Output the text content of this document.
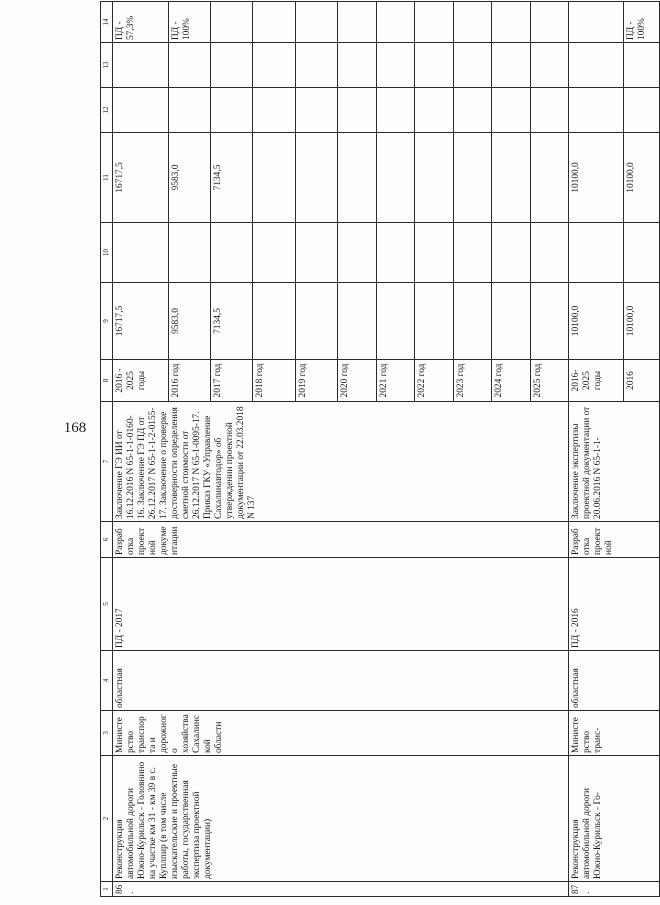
168
1	2	3	4	5	6	7	8	9	10	11	12	13	14
86.	Реконструкция автомобильной дороги Южно-Курильск - Головнино на участке км 31 - км 39 в с. Куплпир (в том числе изыскательские и проектные работы, государственная экспертиза проектной документации)	Министерство транспорта и дорожного хозяйства Сахалинской области	областная	ПД - 2017	Разработка проектной документации	Заключение ГЭ ИИ от 16.12.2016 N 65-1-1-0160-16. Заключение ГЭ ПД от 26.12.2017 N 65-1-1-2-0155-17. Заключение о проверке достоверности определения сметной стоимости от 26.12.2017 N 65-1-0095-17. Приказ ГКУ «Управление Сахалинавтодор» об утверждении проектной документации от 22.03.2018 N 137	2016 - 2025 годы	16717,5		16717,5			ПД - 57,3%
							2016 год	9583,0		9583,0			ПД - 100%
							2017 год	7134,5		7134,5			
							2018 год						
							2019 год						
							2020 год						
							2021 год						
							2022 год						
							2023 год						
							2024 год						
							2025 год						
87.	Реконструкция автомобильной дороги Южно-Курильск - Го-	Министерство транс-	областная	ПД - 2016	Разработка проектной	Заключение экспертизы проектной документации от 20.06.2016 N 65-1-1-	2016-2025 годы	10100,0		10100,0			
							2016	10100,0		10100,0			ПД - 100%
